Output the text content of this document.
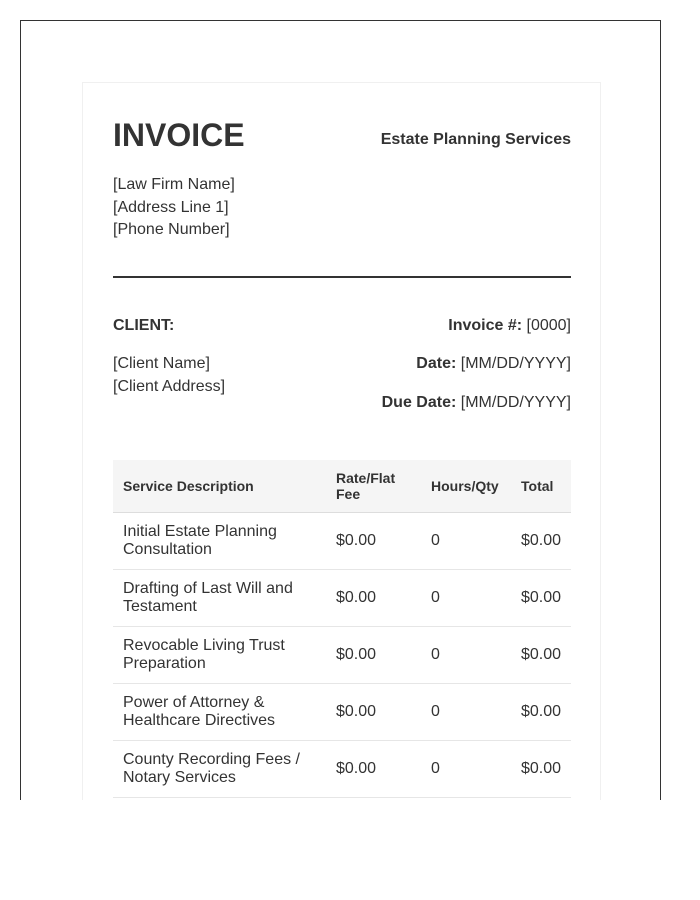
INVOICE	Estate Planning Services
[Law Firm Name]
[Address Line 1]
[Phone Number]
CLIENT:
[Client Name]
[Client Address]
Invoice #: [0000]
Date: [MM/DD/YYYY]
Due Date: [MM/DD/YYYY]
Service Description	Rate/Flat Fee	Hours/Qty	Total
Initial Estate Planning Consultation	$0.00	0	$0.00
Drafting of Last Will and Testament	$0.00	0	$0.00
Revocable Living Trust Preparation	$0.00	0	$0.00
Power of Attorney & Healthcare Directives	$0.00	0	$0.00
County Recording Fees / Notary Services	$0.00	0	$0.00
